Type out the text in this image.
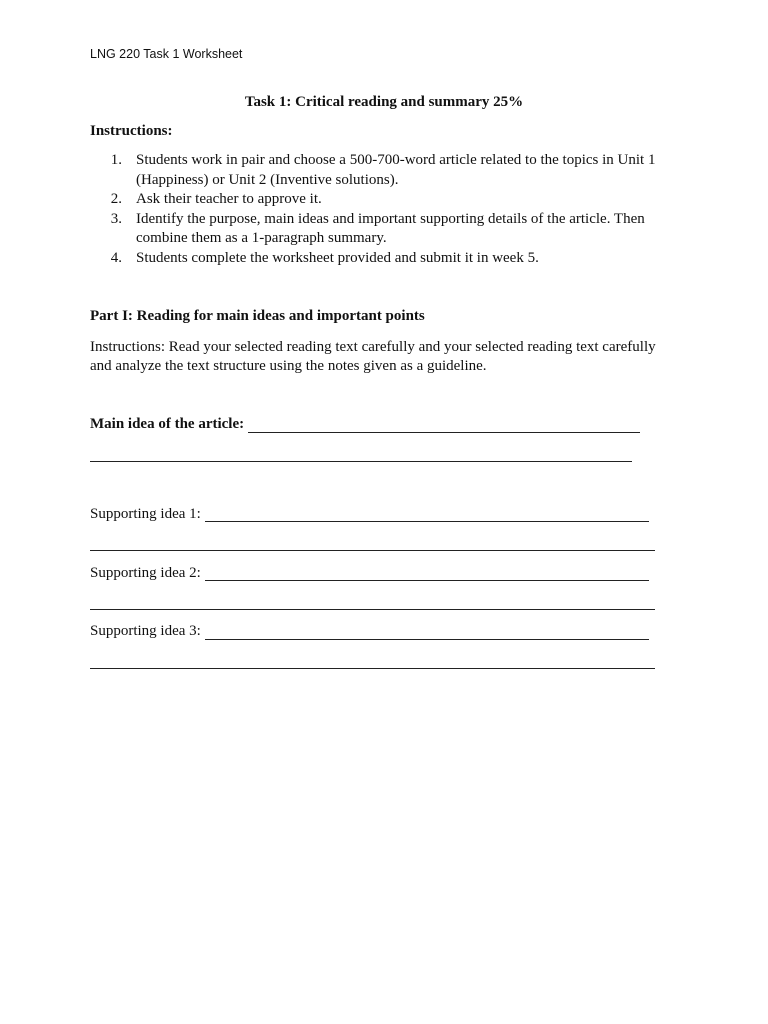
LNG 220 Task 1 Worksheet
Task 1: Critical reading and summary 25%
Instructions:
1. Students work in pair and choose a 500-700-word article related to the topics in Unit 1 (Happiness) or Unit 2 (Inventive solutions).
2. Ask their teacher to approve it.
3. Identify the purpose, main ideas and important supporting details of the article. Then combine them as a 1-paragraph summary.
4. Students complete the worksheet provided and submit it in week 5.
Part I: Reading for main ideas and important points
Instructions: Read your selected reading text carefully and your selected reading text carefully and analyze the text structure using the notes given as a guideline.
Main idea of the article:
Supporting idea 1:
Supporting idea 2:
Supporting idea 3:
